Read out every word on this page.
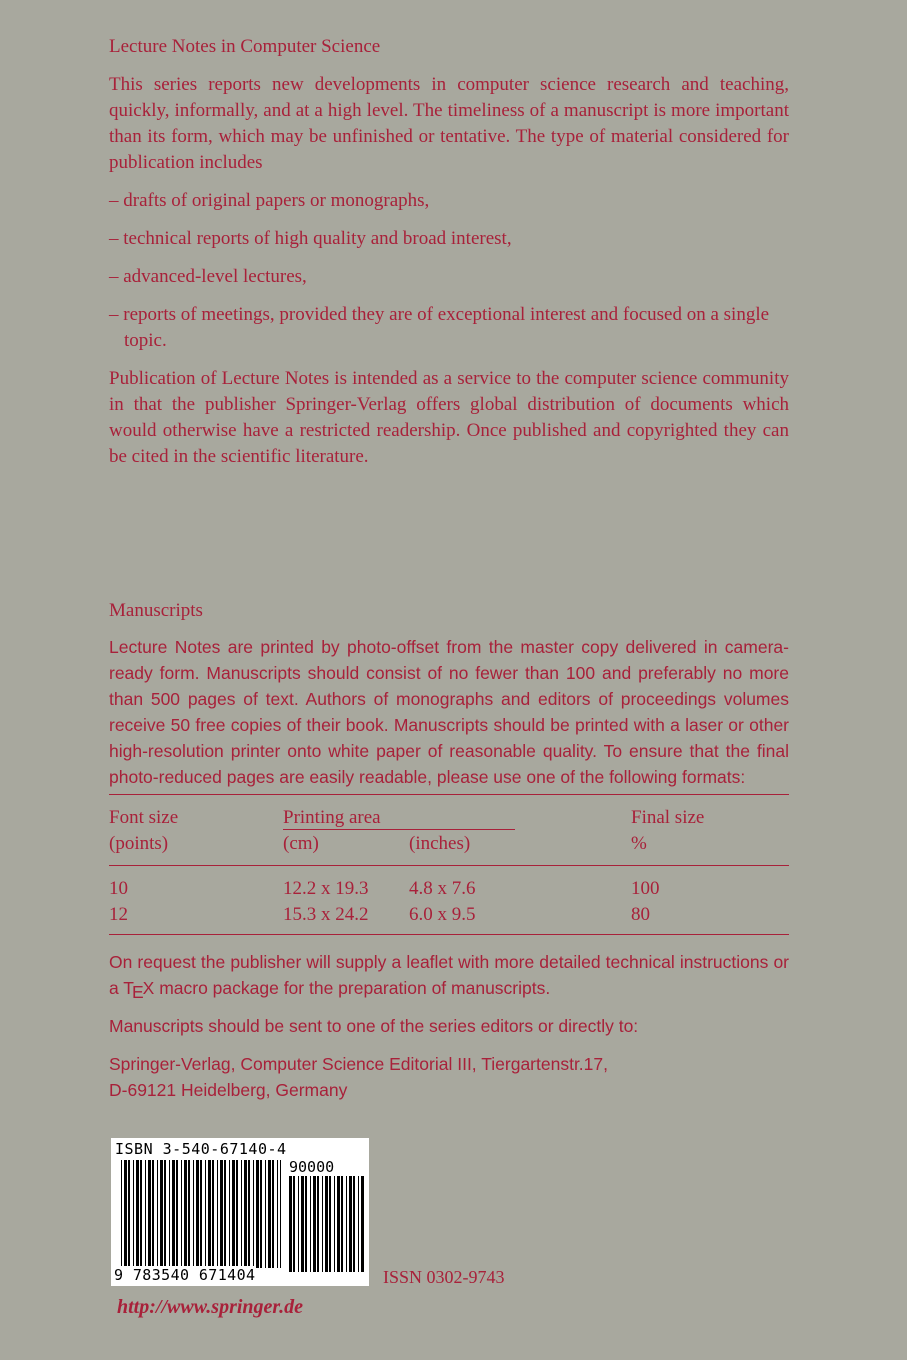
Lecture Notes in Computer Science

This series reports new developments in computer science research and teaching, quickly, informally, and at a high level. The timeliness of a manuscript is more important than its form, which may be unfinished or tentative. The type of material considered for publication includes

– drafts of original papers or monographs,
– technical reports of high quality and broad interest,
– advanced-level lectures,
– reports of meetings, provided they are of exceptional interest and focused on a single topic.

Publication of Lecture Notes is intended as a service to the computer science community in that the publisher Springer-Verlag offers global distribution of documents which would otherwise have a restricted readership. Once published and copyrighted they can be cited in the scientific literature.

Manuscripts

Lecture Notes are printed by photo-offset from the master copy delivered in camera-ready form. Manuscripts should consist of no fewer than 100 and preferably no more than 500 pages of text. Authors of monographs and editors of proceedings volumes receive 50 free copies of their book. Manuscripts should be printed with a laser or other high-resolution printer onto white paper of reasonable quality. To ensure that the final photo-reduced pages are easily readable, please use one of the following formats:

Font size	Printing area		Final size
(points)	(cm)	(inches)	%
10	12.2 x 19.3	4.8 x 7.6	100
12	15.3 x 24.2	6.0 x 9.5	80

On request the publisher will supply a leaflet with more detailed technical instructions or a TEX macro package for the preparation of manuscripts.

Manuscripts should be sent to one of the series editors or directly to:

Springer-Verlag, Computer Science Editorial III, Tiergartenstr.17,

D-69121 Heidelberg, Germany

ISBN 3-540-67140-4
90000
9 783540 671404	ISSN 0302-9743
http://www.springer.de
